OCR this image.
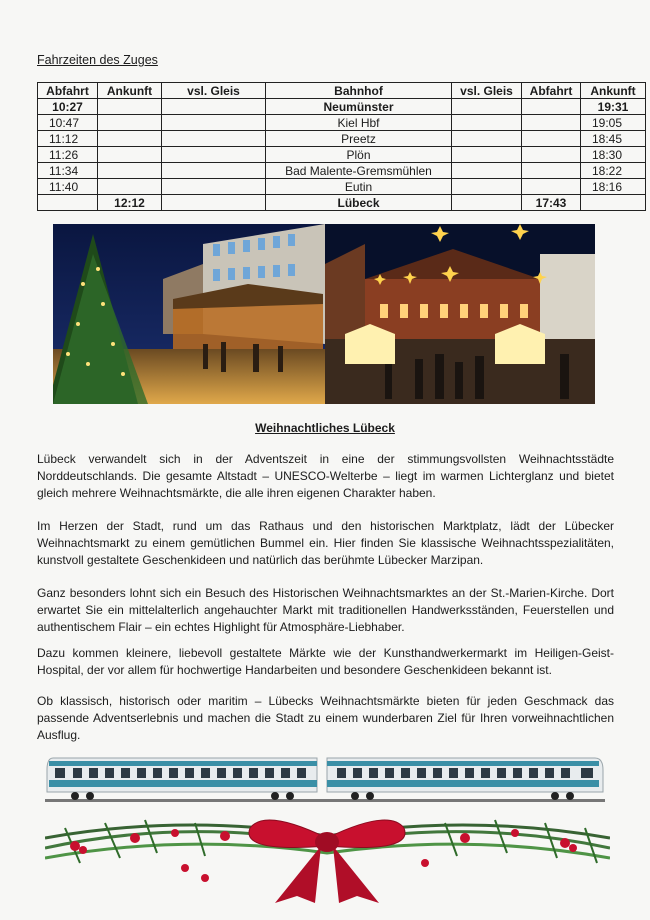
Fahrzeiten des Zuges
Abfahrt	Ankunft	vsl. Gleis	Bahnhof	vsl. Gleis	Abfahrt	Ankunft
10:27			Neumünster			19:31
10:47			Kiel Hbf			19:05
11:12			Preetz			18:45
11:26			Plön			18:30
11:34			Bad Malente-Gremsmühlen			18:22
11:40			Eutin			18:16
	12:12		Lübeck		17:43	
Weihnachtliches Lübeck

Lübeck verwandelt sich in der Adventszeit in eine der stimmungsvollsten Weihnachtsstädte Norddeutschlands. Die gesamte Altstadt – UNESCO-Welterbe – liegt im warmen Lichterglanz und bietet gleich mehrere Weihnachtsmärkte, die alle ihren eigenen Charakter haben.

Im Herzen der Stadt, rund um das Rathaus und den historischen Marktplatz, lädt der Lübecker Weihnachtsmarkt zu einem gemütlichen Bummel ein. Hier finden Sie klassische Weihnachtsspezialitäten, kunstvoll gestaltete Geschenkideen und natürlich das berühmte Lübecker Marzipan.

Ganz besonders lohnt sich ein Besuch des Historischen Weihnachtsmarktes an der St.-Marien-Kirche. Dort erwartet Sie ein mittelalterlich angehauchter Markt mit traditionellen Handwerksständen, Feuerstellen und authentischem Flair – ein echtes Highlight für Atmosphäre-Liebhaber.

Dazu kommen kleinere, liebevoll gestaltete Märkte wie der Kunsthandwerkermarkt im Heiligen-Geist-Hospital, der vor allem für hochwertige Handarbeiten und besondere Geschenkideen bekannt ist.

Ob klassisch, historisch oder maritim – Lübecks Weihnachtsmärkte bieten für jeden Geschmack das passende Adventserlebnis und machen die Stadt zu einem wunderbaren Ziel für Ihren vorweihnachtlichen Ausflug.
